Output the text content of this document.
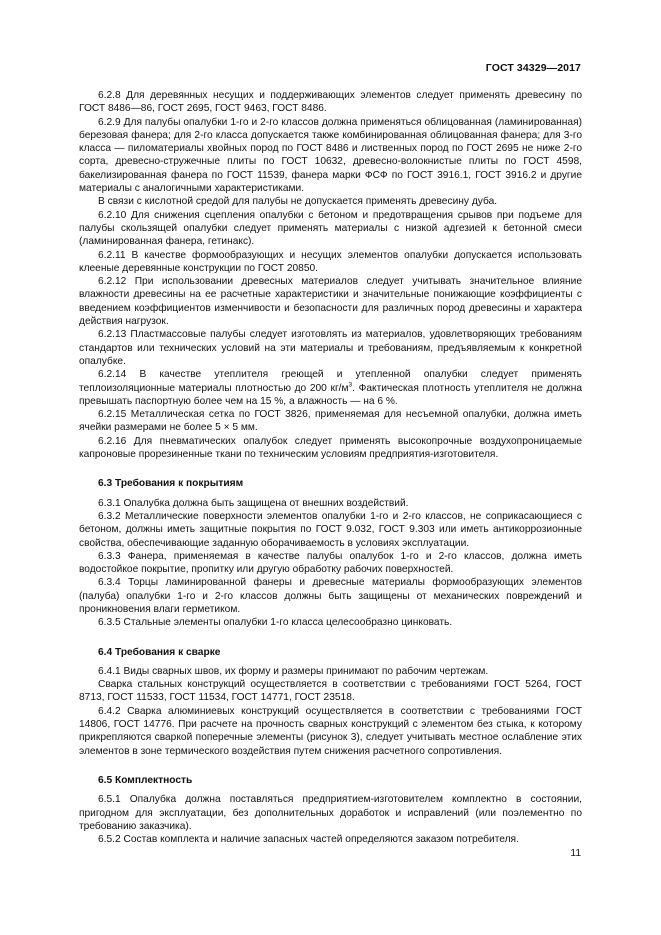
ГОСТ 34329—2017

6.2.8 Для деревянных несущих и поддерживающих элементов следует применять древесину по ГОСТ 8486—86, ГОСТ 2695, ГОСТ 9463, ГОСТ 8486.

6.2.9 Для палубы опалубки 1-го и 2-го классов должна применяться облицованная (ламинированная) березовая фанера; для 2-го класса допускается также комбинированная облицованная фанера; для 3-го класса — пиломатериалы хвойных пород по ГОСТ 8486 и лиственных пород по ГОСТ 2695 не ниже 2-го сорта, древесно-стружечные плиты по ГОСТ 10632, древесно-волокнистые плиты по ГОСТ 4598, бакелизированная фанера по ГОСТ 11539, фанера марки ФСФ по ГОСТ 3916.1, ГОСТ 3916.2 и другие материалы с аналогичными характеристиками.

В связи с кислотной средой для палубы не допускается применять древесину дуба.

6.2.10 Для снижения сцепления опалубки с бетоном и предотвращения срывов при подъеме для палубы скользящей опалубки следует применять материалы с низкой адгезией к бетонной смеси (ламинированная фанера, гетинакс).

6.2.11 В качестве формообразующих и несущих элементов опалубки допускается использовать клееные деревянные конструкции по ГОСТ 20850.

6.2.12 При использовании древесных материалов следует учитывать значительное влияние влажности древесины на ее расчетные характеристики и значительные понижающие коэффициенты с введением коэффициентов изменчивости и безопасности для различных пород древесины и характера действия нагрузок.

6.2.13 Пластмассовые палубы следует изготовлять из материалов, удовлетворяющих требованиям стандартов или технических условий на эти материалы и требованиям, предъявляемым к конкретной опалубке.

6.2.14 В качестве утеплителя греющей и утепленной опалубки следует применять теплоизоляционные материалы плотностью до 200 $кг/м^3$. Фактическая плотность утеплителя не должна превышать паспортную более чем на 15 %, а влажность — на 6 %.

6.2.15 Металлическая сетка по ГОСТ 3826, применяемая для несъемной опалубки, должна иметь ячейки размерами не более 5 × 5 мм.

6.2.16 Для пневматических опалубок следует применять высокопрочные воздухопроницаемые капроновые прорезиненные ткани по техническим условиям предприятия-изготовителя.

6.3 Требования к покрытиям

6.3.1 Опалубка должна быть защищена от внешних воздействий.

6.3.2 Металлические поверхности элементов опалубки 1-го и 2-го классов, не соприкасающиеся с бетоном, должны иметь защитные покрытия по ГОСТ 9.032, ГОСТ 9.303 или иметь антикоррозионные свойства, обеспечивающие заданную оборачиваемость в условиях эксплуатации.

6.3.3 Фанера, применяемая в качестве палубы опалубок 1-го и 2-го классов, должна иметь водостойкое покрытие, пропитку или другую обработку рабочих поверхностей.

6.3.4 Торцы ламинированной фанеры и древесные материалы формообразующих элементов (палуба) опалубки 1-го и 2-го классов должны быть защищены от механических повреждений и проникновения влаги герметиком.

6.3.5 Стальные элементы опалубки 1-го класса целесообразно цинковать.

6.4 Требования к сварке

6.4.1 Виды сварных швов, их форму и размеры принимают по рабочим чертежам.

Сварка стальных конструкций осуществляется в соответствии с требованиями ГОСТ 5264, ГОСТ 8713, ГОСТ 11533, ГОСТ 11534, ГОСТ 14771, ГОСТ 23518.

6.4.2 Сварка алюминиевых конструкций осуществляется в соответствии с требованиями ГОСТ 14806, ГОСТ 14776. При расчете на прочность сварных конструкций с элементом без стыка, к которому прикрепляются сваркой поперечные элементы (рисунок 3), следует учитывать местное ослабление этих элементов в зоне термического воздействия путем снижения расчетного сопротивления.

6.5 Комплектность

6.5.1 Опалубка должна поставляться предприятием-изготовителем комплектно в состоянии, пригодном для эксплуатации, без дополнительных доработок и исправлений (или поэлементно по требованию заказчика).

6.5.2 Состав комплекта и наличие запасных частей определяются заказом потребителя.

11
